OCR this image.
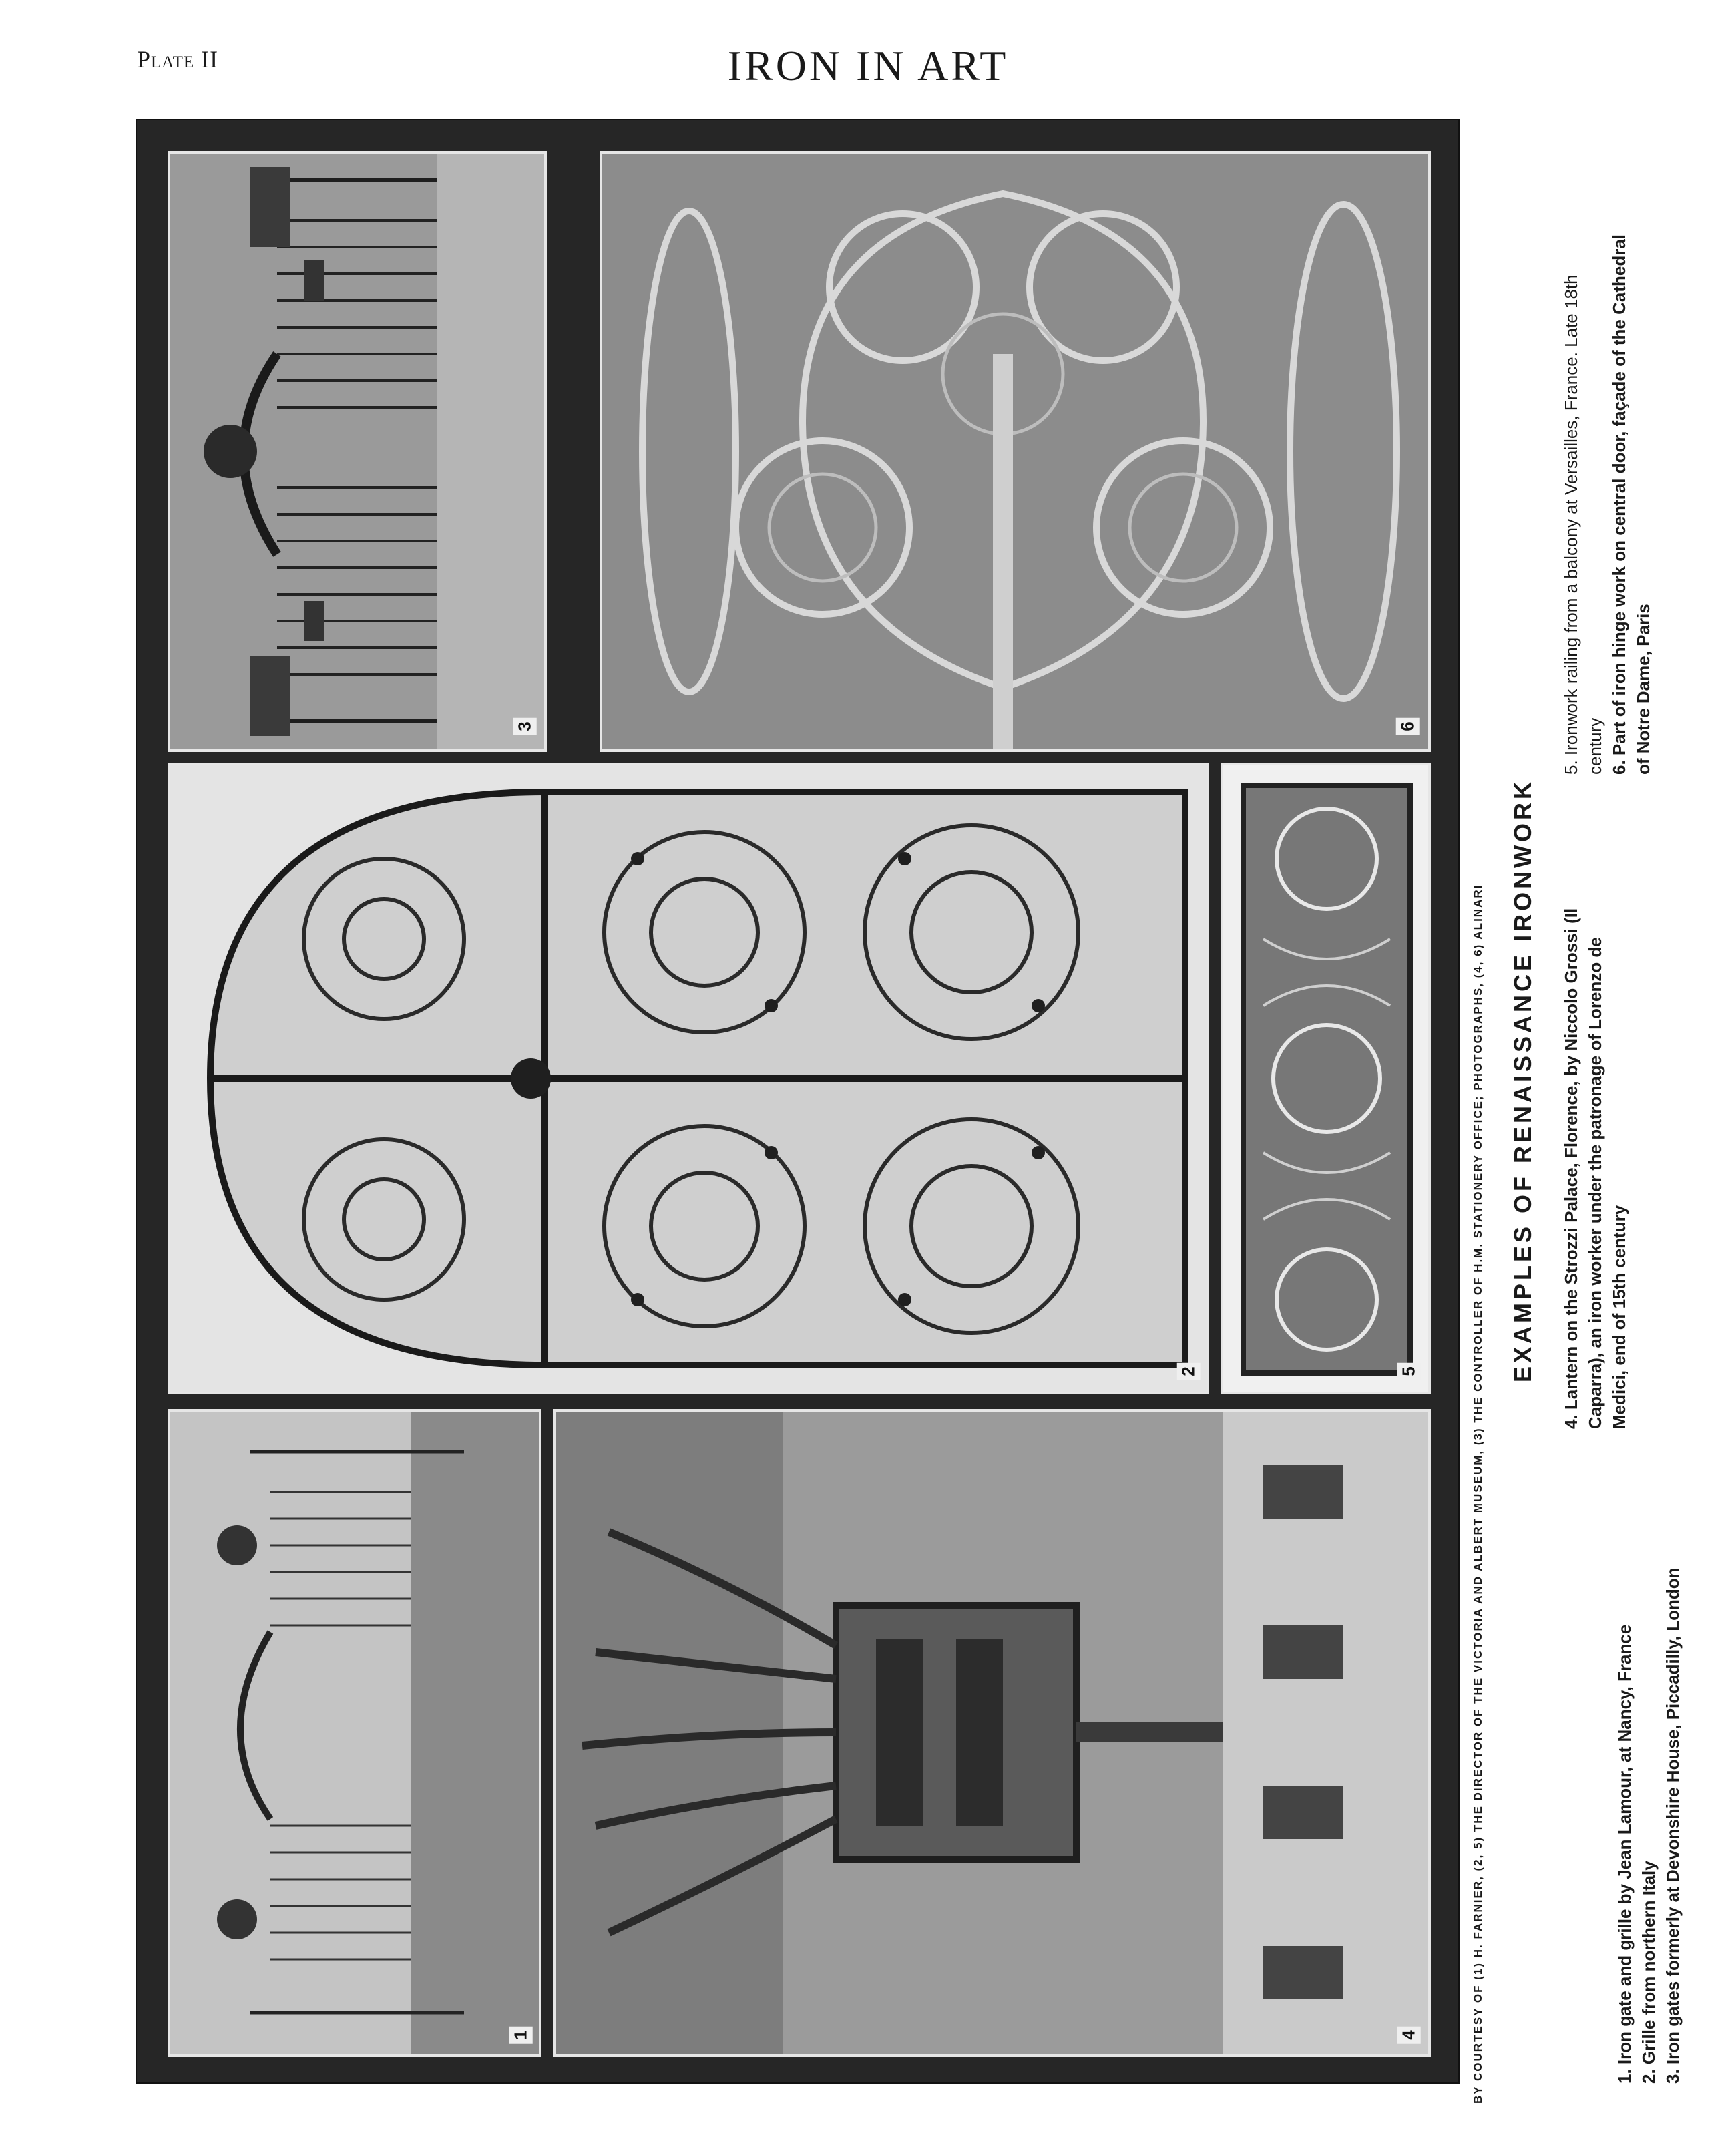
Plate II	IRON IN ART
3	6
2	5
1	4	BY COURTESY OF (1) H. FARNIER, (2, 5) THE DIRECTOR OF THE VICTORIA AND ALBERT MUSEUM, (3) THE CONTROLLER OF H.M. STATIONERY OFFICE; PHOTOGRAPHS, (4, 6) ALINARI EXAMPLES OF RENAISSANCE IRONWORK

1. Iron gate and grille by Jean Lamour, at Nancy, France 2. Grille from northern Italy 3. Iron gates formerly at Devonshire House, Piccadilly, London

4. Lantern on the Strozzi Palace, Florence, by Niccolo Grossi (Il Caparra), an iron worker under the patronage of Lorenzo de Medici, end of 15th century

5. Ironwork railing from a balcony at Versailles, France. Late 18th century 6. Part of iron hinge work on central door, façade of the Cathedral of Notre Dame, Paris
